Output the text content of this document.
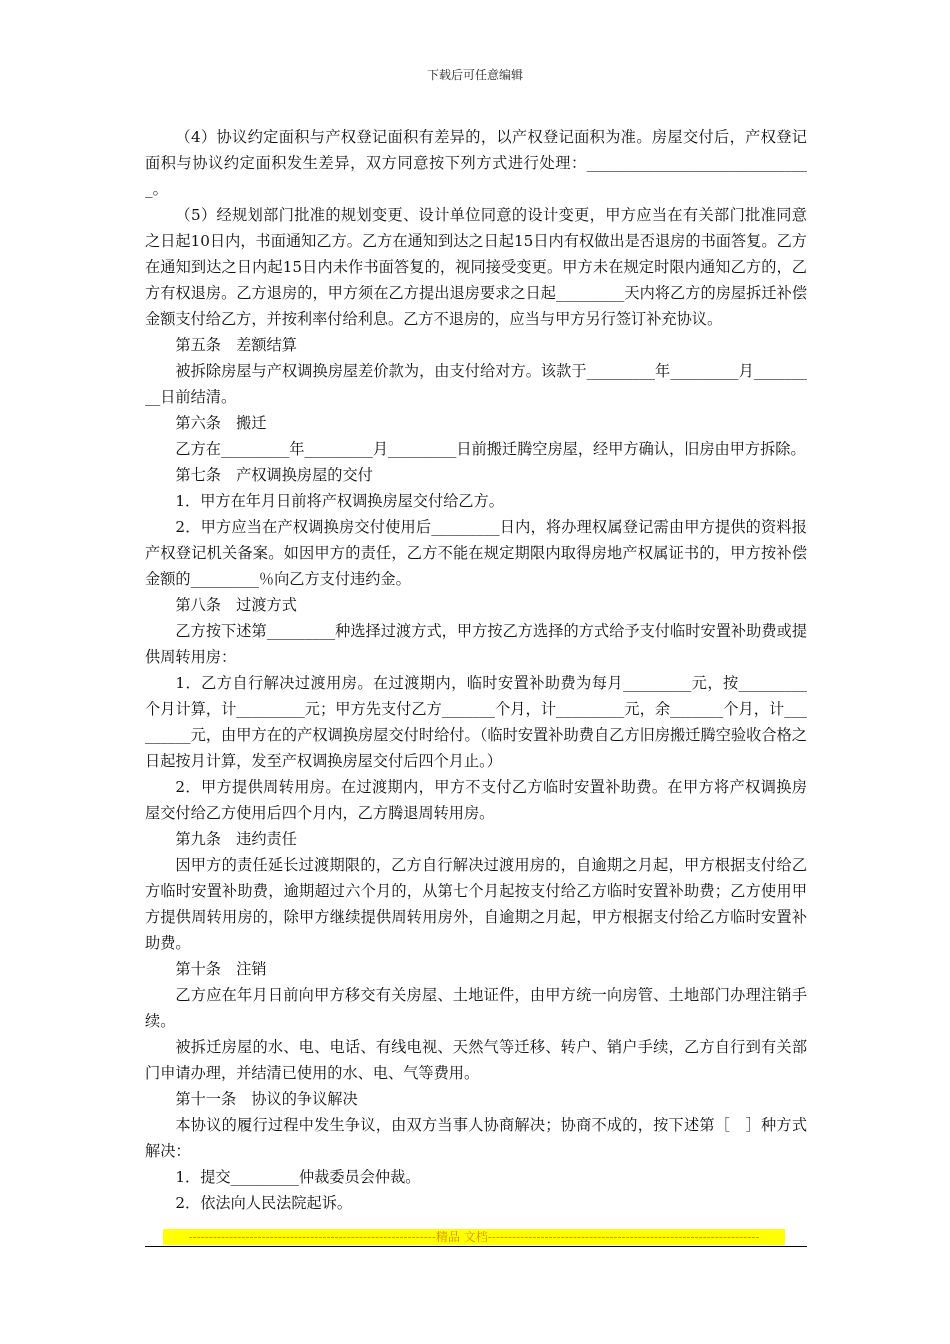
下载后可任意编辑

（4）协议约定面积与产权登记面积有差异的，以产权登记面积为准。房屋交付后，产权登记面积与协议约定面积发生差异，双方同意按下列方式进行处理：______________________________。

（5）经规划部门批准的规划变更、设计单位同意的设计变更，甲方应当在有关部门批准同意之日起10日内，书面通知乙方。乙方在通知到达之日起15日内有权做出是否退房的书面答复。乙方在通知到达之日内起15日内未作书面答复的，视同接受变更。甲方未在规定时限内通知乙方的，乙方有权退房。乙方退房的，甲方须在乙方提出退房要求之日起_________天内将乙方的房屋拆迁补偿金额支付给乙方，并按利率付给利息。乙方不退房的，应当与甲方另行签订补充协议。

第五条　差额结算

被拆除房屋与产权调换房屋差价款为，由支付给对方。该款于_________年_________月_________日前结清。

第六条　搬迁

乙方在_________年_________月_________日前搬迁腾空房屋，经甲方确认，旧房由甲方拆除。

第七条　产权调换房屋的交付

1．甲方在年月日前将产权调换房屋交付给乙方。

2．甲方应当在产权调换房交付使用后_________日内，将办理权属登记需由甲方提供的资料报产权登记机关备案。如因甲方的责任，乙方不能在规定期限内取得房地产权属证书的，甲方按补偿金额的_________％向乙方支付违约金。

第八条　过渡方式

乙方按下述第_________种选择过渡方式，甲方按乙方选择的方式给予支付临时安置补助费或提供周转用房：

1．乙方自行解决过渡用房。在过渡期内，临时安置补助费为每月_________元，按_________个月计算，计_________元；甲方先支付乙方_______个月，计_________元，余_______个月，计_________元，由甲方在的产权调换房屋交付时给付。（临时安置补助费自乙方旧房搬迁腾空验收合格之日起按月计算，发至产权调换房屋交付后四个月止。）

2．甲方提供周转用房。在过渡期内，甲方不支付乙方临时安置补助费。在甲方将产权调换房屋交付给乙方使用后四个月内，乙方腾退周转用房。

第九条　违约责任

因甲方的责任延长过渡期限的，乙方自行解决过渡用房的，自逾期之月起，甲方根据支付给乙方临时安置补助费，逾期超过六个月的，从第七个月起按支付给乙方临时安置补助费；乙方使用甲方提供周转用房的，除甲方继续提供周转用房外，自逾期之月起，甲方根据支付给乙方临时安置补助费。

第十条　注销

乙方应在年月日前向甲方移交有关房屋、土地证件，由甲方统一向房管、土地部门办理注销手续。

被拆迁房屋的水、电、电话、有线电视、天然气等迁移、转户、销户手续，乙方自行到有关部门申请办理，并结清已使用的水、电、气等费用。

第十一条　协议的争议解决

本协议的履行过程中发生争议，由双方当事人协商解决；协商不成的，按下述第［　］种方式解决：

1．提交_________仲裁委员会仲裁。

2．依法向人民法院起诉。

-------------------------------------------------------------精品 文档-------------------------------------------------------------------
